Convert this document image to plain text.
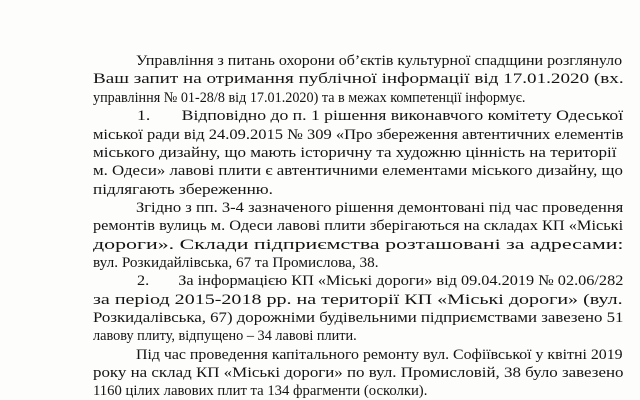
Управління з питань охорони об’єктів культурної спадщини розглянуло
Ваш запит на отримання публічної інформації від 17.01.2020 (вх.
управління № 01-28/8 від 17.01.2020) та в межах компетенції інформує.
1. Відповідно до п. 1 рішення виконавчого комітету Одеської
міської ради від 24.09.2015 № 309 «Про збереження автентичних елементів
міського дизайну, що мають історичну та художню цінність на території
м. Одеси» лавові плити є автентичними елементами міського дизайну, що
підлягають збереженню.
Згідно з пп. 3-4 зазначеного рішення демонтовані під час проведення
ремонтів вулиць м. Одеси лавові плити зберігаються на складах КП «Міські
дороги». Склади підприємства розташовані за адресами:
вул. Розкидайлівська, 67 та Промислова, 38.
2. За інформацією КП «Міські дороги» від 09.04.2019 № 02.06/282
за період 2015-2018 рр. на території КП «Міські дороги» (вул.
Розкидалівська, 67) дорожніми будівельними підприємствами завезено 51
лавову плиту, відпущено – 34 лавові плити.
Під час проведення капітального ремонту вул. Софіївської у квітні 2019
року на склад КП «Міські дороги» по вул. Промисловій, 38 було завезено
1160 цілих лавових плит та 134 фрагменти (осколки).
